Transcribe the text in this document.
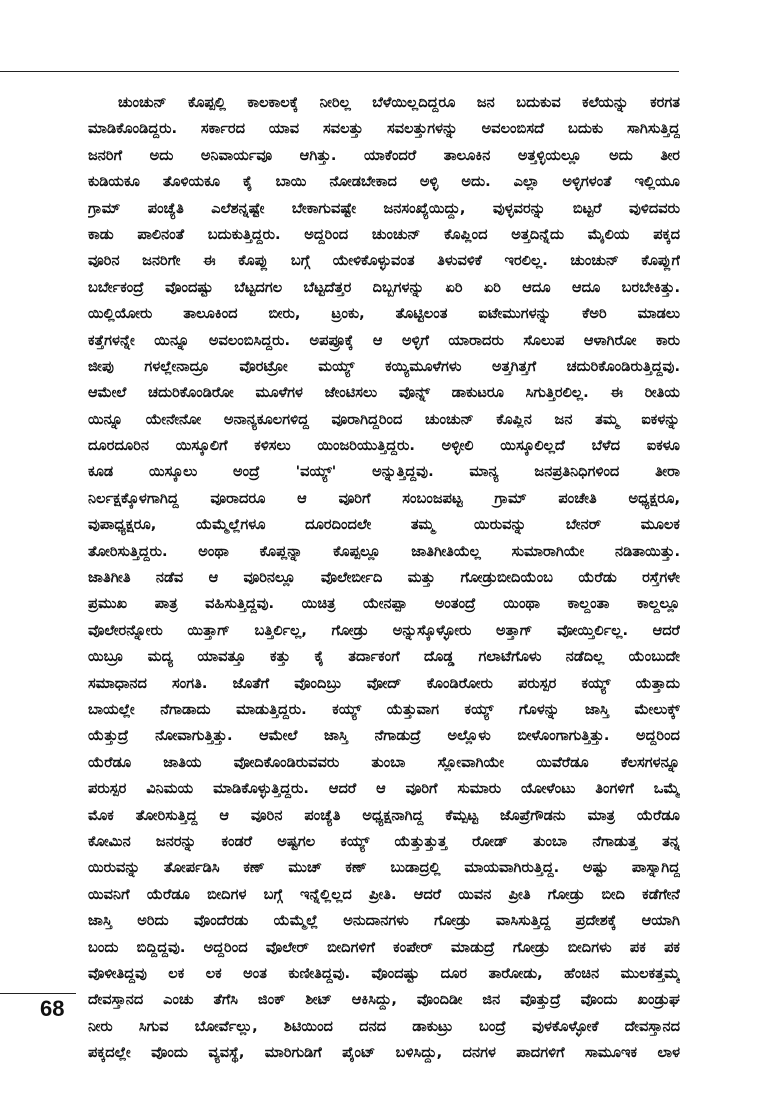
ಚುಂಚುನ್ ಕೊಪ್ಪಲ್ಲಿ ಕಾಲಕಾಲಕ್ಕೆ ನೀರಿಲ್ಲ ಬೆಳೆಯಿಲ್ಲದಿದ್ದರೂ ಜನ ಬದುಕುವ ಕಲೆಯನ್ನು ಕರಗತ
ಮಾಡಿಕೊಂಡಿದ್ದರು. ಸರ್ಕಾರದ ಯಾವ ಸವಲತ್ತು ಸವಲತ್ತುಗಳನ್ನು ಅವಲಂಬಿಸದೆ ಬದುಕು ಸಾಗಿಸುತ್ತಿದ್ದ
ಜನರಿಗೆ ಅದು ಅನಿವಾರ್ಯವೂ ಆಗಿತ್ತು. ಯಾಕೆಂದರೆ ತಾಲೂಕಿನ ಅತ್ತಳ್ಳಿಯಲ್ಲೂ ಅದು ತೀರ
ಕುಡಿಯಕೂ ತೊಳಿಯಕೂ ಕೈ ಬಾಯಿ ನೋಡಬೇಕಾದ ಅಳ್ಳಿ ಅದು. ಎಲ್ಲಾ ಅಳ್ಳಿಗಳಂತೆ ಇಲ್ಲಿಯೂ
ಗ್ರಾಮ್ ಪಂಚ್ಯೆತಿ ಎಲೆಶನ್ನಷ್ಟೇ ಬೇಕಾಗುವಷ್ಟೇ ಜನಸಂಖ್ಯೆಯಿದ್ದು, ವುಳ್ಳವರನ್ನು ಬಿಟ್ಟರೆ ವುಳಿದವರು
ಕಾಡು ಪಾಲಿನಂತೆ ಬದುಕುತ್ತಿದ್ದರು. ಅದ್ದರಿಂದ ಚುಂಚುನ್ ಕೊಪ್ಲಿಂದ ಅತ್ತದಿನ್ನೆದು ಮೈಲಿಯ ಪಕ್ಕದ
ವೂರಿನ ಜನರಿಗೇ ಈ ಕೊಪ್ಲು ಬಗ್ಗೆ ಯೇಳಿಕೊಳ್ಳುವಂತ ತಿಳುವಳಿಕೆ ಇರಲಿಲ್ಲ. ಚುಂಚುನ್ ಕೊಪ್ಲುಗೆ
ಬರ್ಬೇಕಂದ್ರೆ ವೊಂದಷ್ಟು ಬೆಟ್ಟದಗಲ ಬೆಟ್ಟದೆತ್ತರ ದಿಬ್ಬಗಳನ್ನು ಏರಿ ಏರಿ ಆದೂ ಆದೂ ಬರಬೇಕಿತ್ತು.
ಯಿಲ್ಲಿಯೋರು ತಾಲೂಕಿಂದ ಬೀರು, ಟ್ರಂಕು, ತೊಟ್ಟಿಲಂತ ಐಟೇಮುಗಳನ್ನು ಕೆಅರಿ ಮಾಡಲು
ಕತ್ತೆಗಳನ್ನೇ ಯಿನ್ನೂ ಅವಲಂಬಿಸಿದ್ದರು. ಅಪಪ್ರೂಕ್ಕೆ ಆ ಅಳ್ಳಿಗೆ ಯಾರಾದರು ಸೊಲುಪ ಆಳಾಗಿರೋ ಕಾರು
ಜೀಪು ಗಳಲ್ಲೇನಾದ್ರೂ ವೊರಟ್ರೋ ಮಯ್ಯ್ ಕಯ್ಯಿಮೂಳೆಗಳು ಅತ್ತಗಿತ್ತಗೆ ಚದುರಿಕೊಂಡಿರುತ್ತಿದ್ದವು.
ಆಮೇಲೆ ಚದುರಿಕೊಂಡಿರೋ ಮೂಳೆಗಳ ಜೇಂಟಿಸಲು ವೊನ್ನ್ ಡಾಕುಟರೂ ಸಿಗುತ್ತಿರಲಿಲ್ಲ. ಈ ರೀತಿಯ
ಯಿನ್ನೂ ಯೇನೇನೋ ಅನಾನ್ಯಕೂಲಗಳಿದ್ದ ವೂರಾಗಿದ್ದರಿಂದ ಚುಂಚುನ್ ಕೊಪ್ಲಿನ ಜನ ತಮ್ಮ ಐಕಳನ್ನು
ದೂರದೂರಿನ ಯಿಸ್ಕೂಲಿಗೆ ಕಳಿಸಲು ಯಿಂಜರಿಯುತ್ತಿದ್ದರು. ಅಳ್ಳೀಲಿ ಯಿಸ್ಕೂಲಿಲ್ಲದೆ ಬೆಳೆದ ಐಕಳೂ
ಕೂಡ ಯಿಸ್ಕೂಲು ಅಂದ್ರೆ 'ವಯ್ಯ್' ಅನ್ನುತ್ತಿದ್ದವು. ಮಾನ್ಯ ಜನಪ್ರತಿನಿಧಿಗಳಿಂದ ತೀರಾ
ನಿರ್ಲಕ್ಷಕ್ಕೊಳಗಾಗಿದ್ದ ವೂರಾದರೂ ಆ ವೂರಿಗೆ ಸಂಬಂಜಪಟ್ಟ ಗ್ರಾಮ್ ಪಂಚೇತಿ ಅಧ್ಯಕ್ಷರೂ,
ವುಪಾಧ್ಯಕ್ಷರೂ, ಯೆಮ್ಮೆಲ್ಲೆಗಳೂ ದೂರದಿಂದಲೇ ತಮ್ಮ ಯಿರುವನ್ನು ಬೇನರ್ ಮೂಲಕ
ತೋರಿಸುತ್ತಿದ್ದರು. ಅಂಥಾ ಕೊಪ್ಲನ್ನಾ ಕೊಪ್ಪಲ್ಲೂ ಜಾತಿಗೀತಿಯೆಲ್ಲ ಸುಮಾರಾಗಿಯೇ ನಡಿತಾಯಿತ್ತು.
ಜಾತಿಗೀತಿ ನಡೆವ ಆ ವೂರಿನಲ್ಲೂ ವೊಲೇರ್ಬೀದಿ ಮತ್ತು ಗೋಡ್ರುಬೀದಿಯೆಂಬ ಯೆರೆಡು ರಸ್ತೆಗಳೇ
ಪ್ರಮುಖ ಪಾತ್ರ ವಹಿಸುತ್ತಿದ್ದವು. ಯಿಚಿತ್ರ ಯೇನಪ್ಪಾ ಅಂತಂದ್ರೆ ಯಿಂಥಾ ಕಾಲ್ದಂತಾ ಕಾಲ್ದಲ್ಲೂ
ವೊಲೇರನ್ನೋರು ಯಿತ್ತಾಗ್ ಬತ್ತಿರ್ಲಿಲ್ಲ, ಗೋಡ್ರು ಅನ್ನುಸ್ಕೊಳ್ಳೋರು ಅತ್ತಾಗ್ ವೋಯ್ತಿರ್ಲಿಲ್ಲ. ಆದರೆ
ಯಿಬ್ರೂ ಮದ್ಯ ಯಾವತ್ತೂ ಕತ್ತು ಕೈ ತರ್ದಾಕಂಗೆ ದೊಡ್ಡ ಗಲಾಟೆಗೊಳು ನಡೆದಿಲ್ಲ ಯೆಂಬುದೇ
ಸಮಾಧಾನದ ಸಂಗತಿ. ಜೊತೆಗೆ ವೊಂದಿಬ್ರು ವೋದ್ ಕೊಂಡಿರೋರು ಪರುಸ್ಪರ ಕಯ್ಯ್ ಯೆತ್ತಾದು
ಬಾಯಲ್ಲೇ ನೆಗಾಡಾದು ಮಾಡುತ್ತಿದ್ದರು. ಕಯ್ಯ್ ಯೆತ್ತುವಾಗ ಕಯ್ಯ್ ಗೊಳನ್ನು ಜಾಸ್ತಿ ಮೇಲುಕ್ಕ್
ಯೆತ್ತುದ್ರೆ ನೋವಾಗುತ್ತಿತ್ತು. ಆಮೇಲೆ ಜಾಸ್ತಿ ನೆಗಾಡುದ್ರೆ ಅಲ್ಲೊಳು ಬೀಳೊಂಗಾಗುತ್ತಿತ್ತು. ಅದ್ದರಿಂದ
ಯೆರೆಡೂ ಜಾತಿಯ ವೋದಿಕೊಂಡಿರುವವರು ತುಂಬಾ ಸ್ಲೋವಾಗಿಯೇ ಯಿವೆರೆಡೂ ಕೆಲಸಗಳನ್ನೂ
ಪರುಸ್ಪರ ವಿನಿಮಯ ಮಾಡಿಕೊಳ್ಳುತ್ತಿದ್ದರು. ಆದರೆ ಆ ವೂರಿಗೆ ಸುಮಾರು ಯೋಳೆಂಟು ತಿಂಗಳಿಗೆ ಒಮ್ಮೆ
ಮೊಕ ತೋರಿಸುತ್ತಿದ್ದ ಆ ವೂರಿನ ಪಂಚ್ಯೆತಿ ಅಧ್ಯಕ್ಷನಾಗಿದ್ದ ಕೆಮ್ಪಟ್ಟ ಜೊಪ್ರೆಗೌಡನು ಮಾತ್ರ ಯೆರೆಡೂ
ಕೋಮಿನ ಜನರನ್ನು ಕಂಡರೆ ಅಷ್ಟಗಲ ಕಯ್ಯ್ ಯೆತ್ತುತ್ತುತ್ತ ರೋಡ್ ತುಂಬಾ ನೆಗಾಡುತ್ತ ತನ್ನ
ಯಿರುವನ್ನು ತೋರ್ಪಡಿಸಿ ಕಣ್ ಮುಚ್ ಕಣ್ ಬುಡಾದ್ರಲ್ಲಿ ಮಾಯವಾಗಿರುತ್ತಿದ್ದ. ಅಷ್ಟು ಪಾಸ್ನಾಗಿದ್ದ
ಯಿವನಿಗೆ ಯೆರೆಡೂ ಬೀದಿಗಳ ಬಗ್ಗೆ ಇನ್ನೆಲ್ಲಿಲ್ಲದ ಪ್ರೀತಿ. ಆದರೆ ಯಿವನ ಪ್ರೀತಿ ಗೋಡ್ರು ಬೀದಿ ಕಡೆಗೇನೆ
ಜಾಸ್ತಿ ಅರಿದು ವೊಂದೆರಡು ಯೆಮ್ಮೆಲ್ಲೆ ಅನುದಾನಗಳು ಗೋಡ್ರು ವಾಸಿಸುತ್ತಿದ್ದ ಪ್ರದೇಶಕ್ಕೆ ಆಯಾಗಿ
ಬಂದು ಬಿದ್ದಿದ್ದವು. ಅದ್ದರಿಂದ ವೊಲೇರ್ ಬೀದಿಗಳಿಗೆ ಕಂಪೇರ್ ಮಾಡುದ್ರೆ ಗೋಡ್ರು ಬೀದಿಗಳು ಪಕ ಪಕ
ವೊಳೀತಿದ್ದವು ಲಕ ಲಕ ಅಂತ ಕುಣೀತಿದ್ದವು. ವೊಂದಷ್ಟು ದೂರ ತಾರೋಡು, ಹೆಂಚಿನ ಮುಲಕತ್ತಮ್ಮ
ದೇವಸ್ತಾನದ ಎಂಚು ತೆಗೆಸಿ ಜಿಂಕ್ ಶೀಟ್ ಆಕಿಸಿದ್ದು, ವೊಂದಿಡೀ ಜಿನ ವೊತ್ತುದ್ರೆ ವೊಂದು ಖಂಡ್ರುಘ
ನೀರು ಸಿಗುವ ಬೋರ್ವೆಲ್ಲು, ಶಿಟಿಯಿಂದ ದನದ ಡಾಕುಟ್ರು ಬಂದ್ರೆ ವುಳಕೊಳ್ಳೋಕೆ ದೇವಸ್ತಾನದ
ಪಕ್ಕದಲ್ಲೇ ವೊಂದು ವ್ಯವಸ್ಥೆ, ಮಾರಿಗುಡಿಗೆ ಪೈಂಟ್ ಬಳಿಸಿದ್ದು, ದನಗಳ ಪಾದಗಳಿಗೆ ಸಾಮೂಇಕ ಲಾಳ
68
